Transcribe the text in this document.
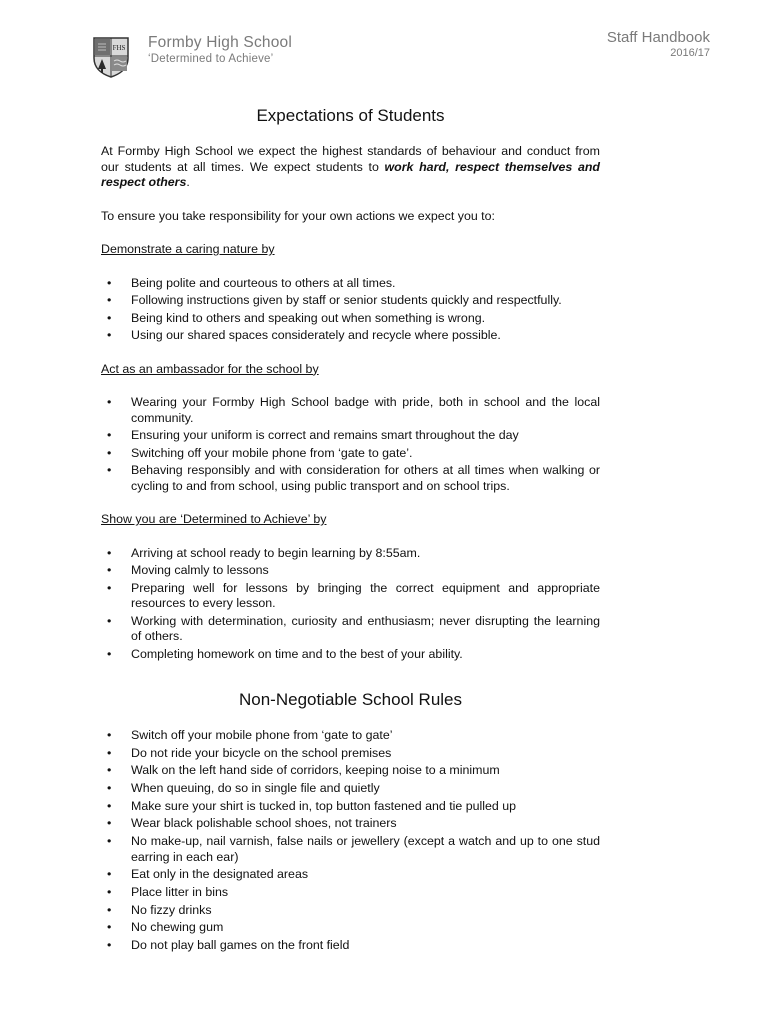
FHS Formby High School
‘Determined to Achieve’
Staff Handbook
2016/17
Expectations of Students

At Formby High School we expect the highest standards of behaviour and conduct from our students at all times. We expect students to work hard, respect themselves and respect others.

To ensure you take responsibility for your own actions we expect you to:

Demonstrate a caring nature by
• Being polite and courteous to others at all times.
• Following instructions given by staff or senior students quickly and respectfully.
• Being kind to others and speaking out when something is wrong.
• Using our shared spaces considerately and recycle where possible.
Act as an ambassador for the school by
• Wearing your Formby High School badge with pride, both in school and the local community.
• Ensuring your uniform is correct and remains smart throughout the day
• Switching off your mobile phone from ‘gate to gate’.
• Behaving responsibly and with consideration for others at all times when walking or cycling to and from school, using public transport and on school trips.
Show you are ‘Determined to Achieve’ by
• Arriving at school ready to begin learning by 8:55am.
• Moving calmly to lessons
• Preparing well for lessons by bringing the correct equipment and appropriate resources to every lesson.
• Working with determination, curiosity and enthusiasm; never disrupting the learning of others.
• Completing homework on time and to the best of your ability.
Non-Negotiable School Rules
• Switch off your mobile phone from ‘gate to gate’
• Do not ride your bicycle on the school premises
• Walk on the left hand side of corridors, keeping noise to a minimum
• When queuing, do so in single file and quietly
• Make sure your shirt is tucked in, top button fastened and tie pulled up
• Wear black polishable school shoes, not trainers
• No make-up, nail varnish, false nails or jewellery (except a watch and up to one stud earring in each ear)
• Eat only in the designated areas
• Place litter in bins
• No fizzy drinks
• No chewing gum
• Do not play ball games on the front field
